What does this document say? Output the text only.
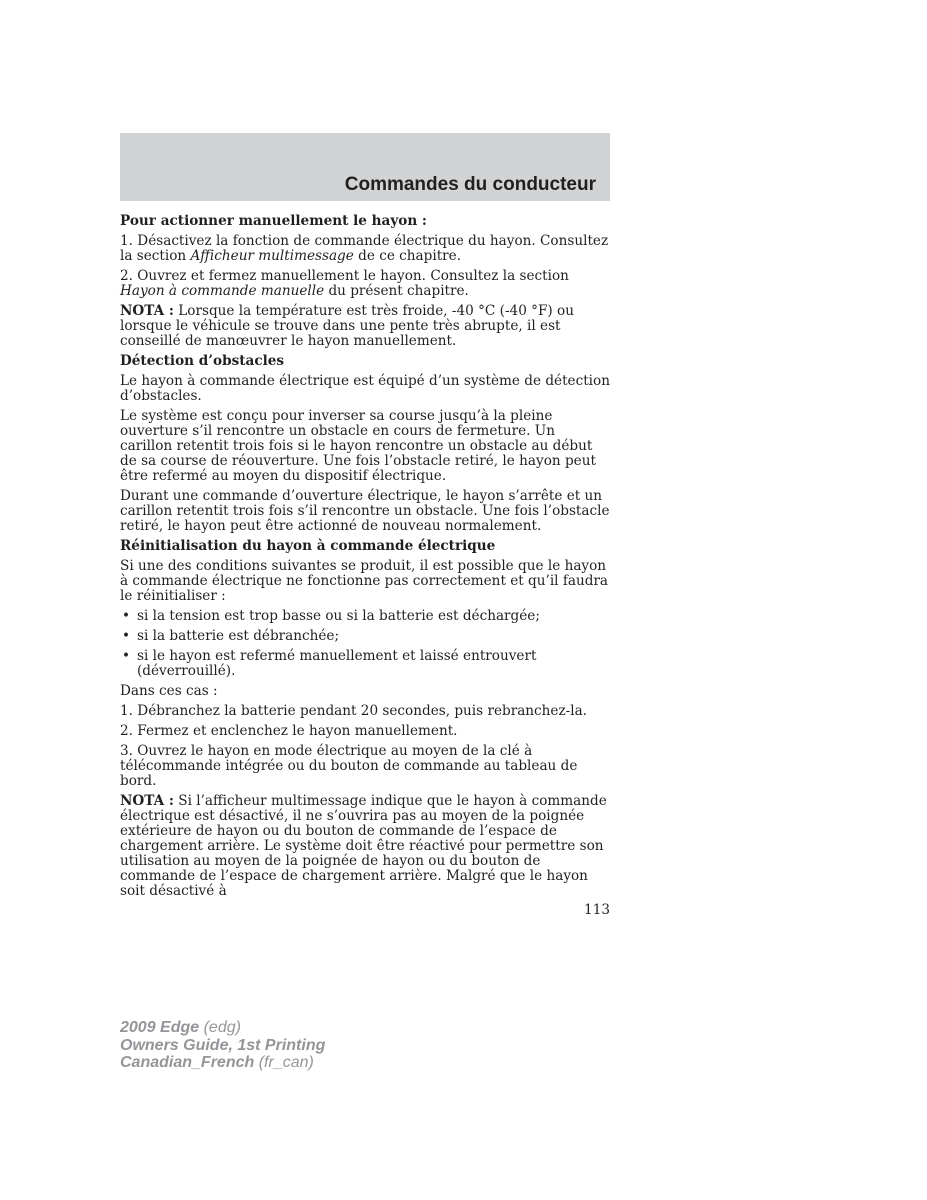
Commandes du conducteur
Pour actionner manuellement le hayon :

1. Désactivez la fonction de commande électrique du hayon. Consultez la section Afficheur multimessage de ce chapitre.

2. Ouvrez et fermez manuellement le hayon. Consultez la section Hayon à commande manuelle du présent chapitre.

NOTA : Lorsque la température est très froide, -40 °C (-40 °F) ou lorsque le véhicule se trouve dans une pente très abrupte, il est conseillé de manœuvrer le hayon manuellement.

Détection d’obstacles

Le hayon à commande électrique est équipé d’un système de détection d’obstacles.

Le système est conçu pour inverser sa course jusqu’à la pleine ouverture s’il rencontre un obstacle en cours de fermeture. Un carillon retentit trois fois si le hayon rencontre un obstacle au début de sa course de réouverture. Une fois l’obstacle retiré, le hayon peut être refermé au moyen du dispositif électrique.

Durant une commande d’ouverture électrique, le hayon s’arrête et un carillon retentit trois fois s’il rencontre un obstacle. Une fois l’obstacle retiré, le hayon peut être actionné de nouveau normalement.

Réinitialisation du hayon à commande électrique

Si une des conditions suivantes se produit, il est possible que le hayon à commande électrique ne fonctionne pas correctement et qu’il faudra le réinitialiser :

• si la tension est trop basse ou si la batterie est déchargée;
• si la batterie est débranchée;
• si le hayon est refermé manuellement et laissé entrouvert (déverrouillé).

Dans ces cas :

1. Débranchez la batterie pendant 20 secondes, puis rebranchez-la.

2. Fermez et enclenchez le hayon manuellement.

3. Ouvrez le hayon en mode électrique au moyen de la clé à télécommande intégrée ou du bouton de commande au tableau de bord.

NOTA : Si l’afficheur multimessage indique que le hayon à commande électrique est désactivé, il ne s’ouvrira pas au moyen de la poignée extérieure de hayon ou du bouton de commande de l’espace de chargement arrière. Le système doit être réactivé pour permettre son utilisation au moyen de la poignée de hayon ou du bouton de commande de l’espace de chargement arrière. Malgré que le hayon soit désactivé à

113
2009 Edge (edg)
Owners Guide, 1st Printing
Canadian_French (fr_can)
